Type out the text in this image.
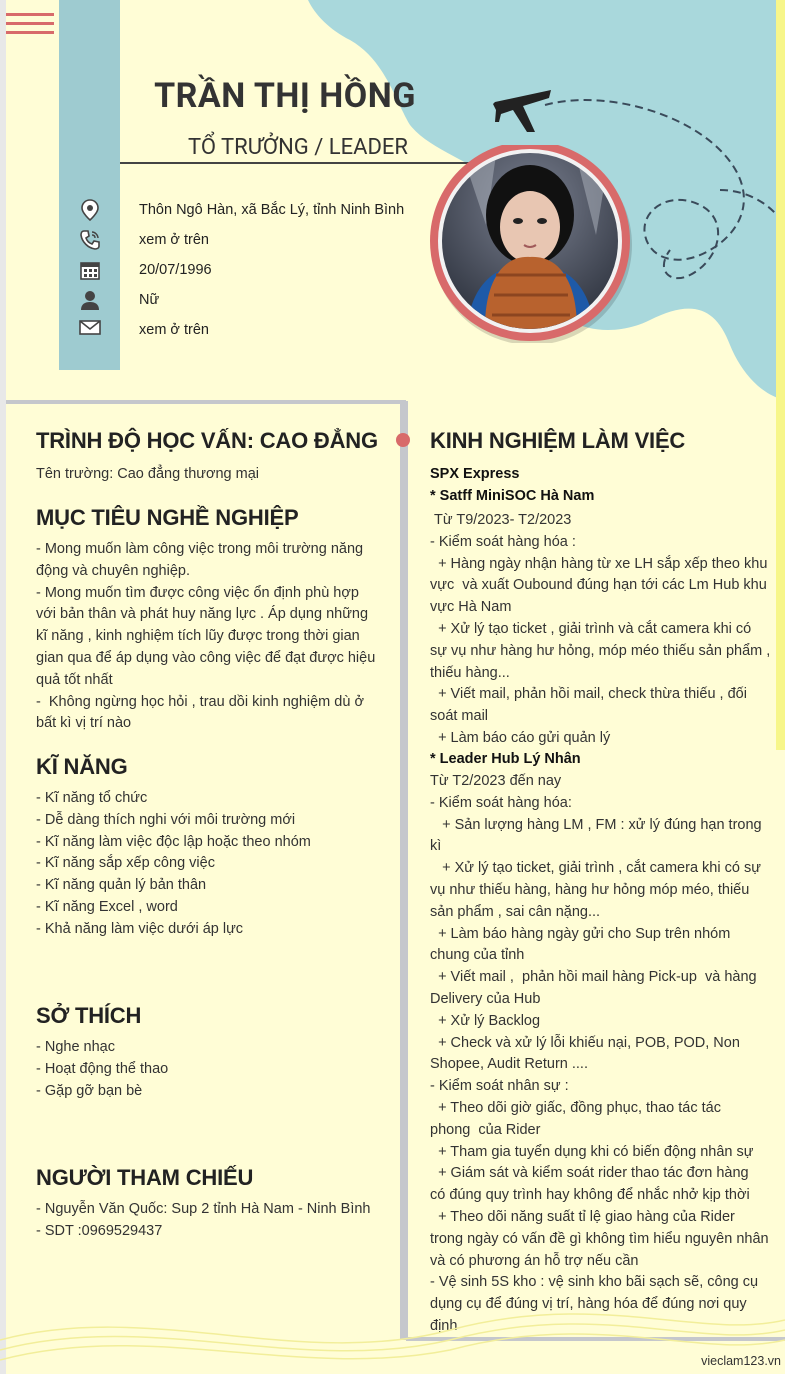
TRẦN THỊ HỒNG
TỔ TRƯỞNG / LEADER
Thôn Ngô Hàn, xã Bắc Lý, tỉnh Ninh Bình
xem ở trên
20/07/1996
Nữ
xem ở trên
TRÌNH ĐỘ HỌC VẤN: CAO ĐẲNG
Tên trường: Cao đẳng thương mại
MỤC TIÊU NGHỀ NGHIỆP
- Mong muốn làm công việc trong môi trường năng
động và chuyên nghiệp.
- Mong muốn tìm được công việc ổn định phù hợp
với bản thân và phát huy năng lực . Áp dụng những
kĩ năng , kinh nghiệm tích lũy được trong thời gian
gian qua để áp dụng vào công việc để đạt được hiệu
quả tốt nhất
-  Không ngừng học hỏi , trau dồi kinh nghiệm dù ở
bất kì vị trí nào
KĨ NĂNG
- Kĩ năng tổ chức
- Dễ dàng thích nghi với môi trường mới
- Kĩ năng làm việc độc lập hoặc theo nhóm
- Kĩ năng sắp xếp công việc
- Kĩ năng quản lý bản thân
- Kĩ năng Excel , word
- Khả năng làm việc dưới áp lực
SỞ THÍCH
- Nghe nhạc
- Hoạt động thể thao
- Gặp gỡ bạn bè
NGƯỜI THAM CHIẾU
- Nguyễn Văn Quốc: Sup 2 tỉnh Hà Nam - Ninh Bình
- SDT :0969529437
KINH NGHIỆM LÀM VIỆC
SPX Express
* Satff MiniSOC Hà Nam
Từ T9/2023- T2/2023
- Kiểm soát hàng hóa :
+ Hàng ngày nhận hàng từ xe LH sắp xếp theo khu
vực  và xuất Oubound đúng hạn tới các Lm Hub khu
vực Hà Nam
+ Xử lý tạo ticket , giải trình và cắt camera khi có
sự vụ như hàng hư hỏng, móp méo thiếu sản phẩm ,
thiếu hàng...
+ Viết mail, phản hồi mail, check thừa thiếu , đối
soát mail
+ Làm báo cáo gửi quản lý
* Leader Hub Lý Nhân
Từ T2/2023 đến nay
- Kiểm soát hàng hóa:
+ Sản lượng hàng LM , FM : xử lý đúng hạn trong
kì
+ Xử lý tạo ticket, giải trình , cắt camera khi có sự
vụ như thiếu hàng, hàng hư hỏng móp méo, thiếu
sản phẩm , sai cân nặng...
+ Làm báo hàng ngày gửi cho Sup trên nhóm
chung của tỉnh
+ Viết mail ,  phản hồi mail hàng Pick-up  và hàng
Delivery của Hub
+ Xử lý Backlog
+ Check và xử lý lỗi khiếu nại, POB, POD, Non
Shopee, Audit Return ....
- Kiểm soát nhân sự :
+ Theo dõi giờ giấc, đồng phục, thao tác tác
phong  của Rider
+ Tham gia tuyển dụng khi có biến động nhân sự
+ Giám sát và kiểm soát rider thao tác đơn hàng
có đúng quy trình hay không để nhắc nhở kịp thời
+ Theo dõi năng suất tỉ lệ giao hàng của Rider
trong ngày có vấn đề gì không tìm hiểu nguyên nhân
và có phương án hỗ trợ nếu cần
- Vệ sinh 5S kho : vệ sinh kho bãi sạch sẽ, công cụ
dụng cụ để đúng vị trí, hàng hóa để đúng nơi quy
định
vieclam123.vn
